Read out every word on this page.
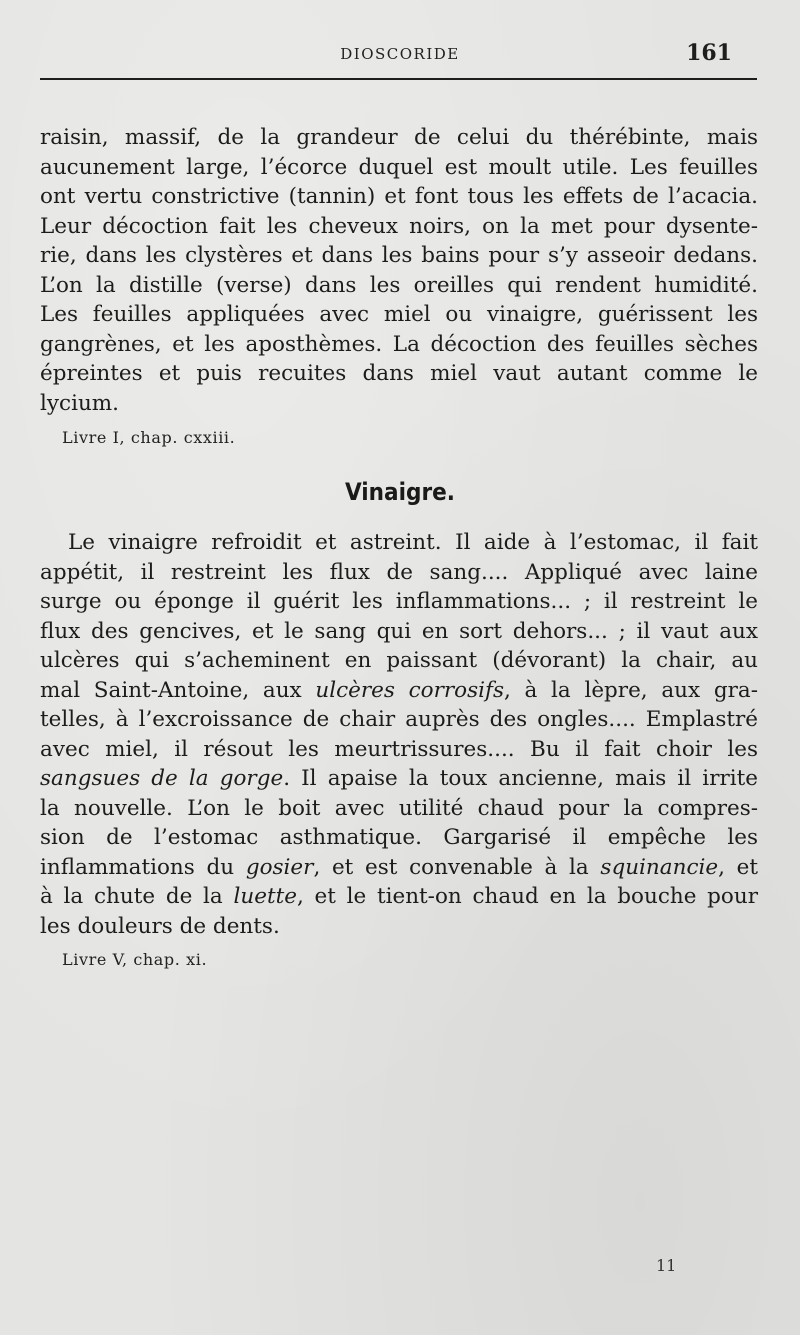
DIOSCORIDE	161
raisin, massif, de la grandeur de celui du thérébinte, mais
aucunement large, l’écorce duquel est moult utile. Les feuilles
ont vertu constrictive (tannin) et font tous les effets de l’acacia.
Leur décoction fait les cheveux noirs, on la met pour dysente-
rie, dans les clystères et dans les bains pour s’y asseoir dedans.
L’on la distille (verse) dans les oreilles qui rendent humidité.
Les feuilles appliquées avec miel ou vinaigre, guérissent les
gangrènes, et les aposthèmes. La décoction des feuilles sèches
épreintes et puis recuites dans miel vaut autant comme le
lycium.
Livre I, chap. cxxiii.
Vinaigre.
Le vinaigre refroidit et astreint. Il aide à l’estomac, il fait
appétit, il restreint les flux de sang.... Appliqué avec laine
surge ou éponge il guérit les inflammations... ; il restreint le
flux des gencives, et le sang qui en sort dehors... ; il vaut aux
ulcères qui s’acheminent en paissant (dévorant) la chair, au
mal Saint-Antoine, aux ulcères corrosifs, à la lèpre, aux gra-
telles, à l’excroissance de chair auprès des ongles.... Emplastré
avec miel, il résout les meurtrissures.... Bu il fait choir les
sangsues de la gorge. Il apaise la toux ancienne, mais il irrite
la nouvelle. L’on le boit avec utilité chaud pour la compres-
sion de l’estomac asthmatique. Gargarisé il empêche les
inflammations du gosier, et est convenable à la squinancie, et
à la chute de la luette, et le tient-on chaud en la bouche pour
les douleurs de dents.
Livre V, chap. xi.
11
